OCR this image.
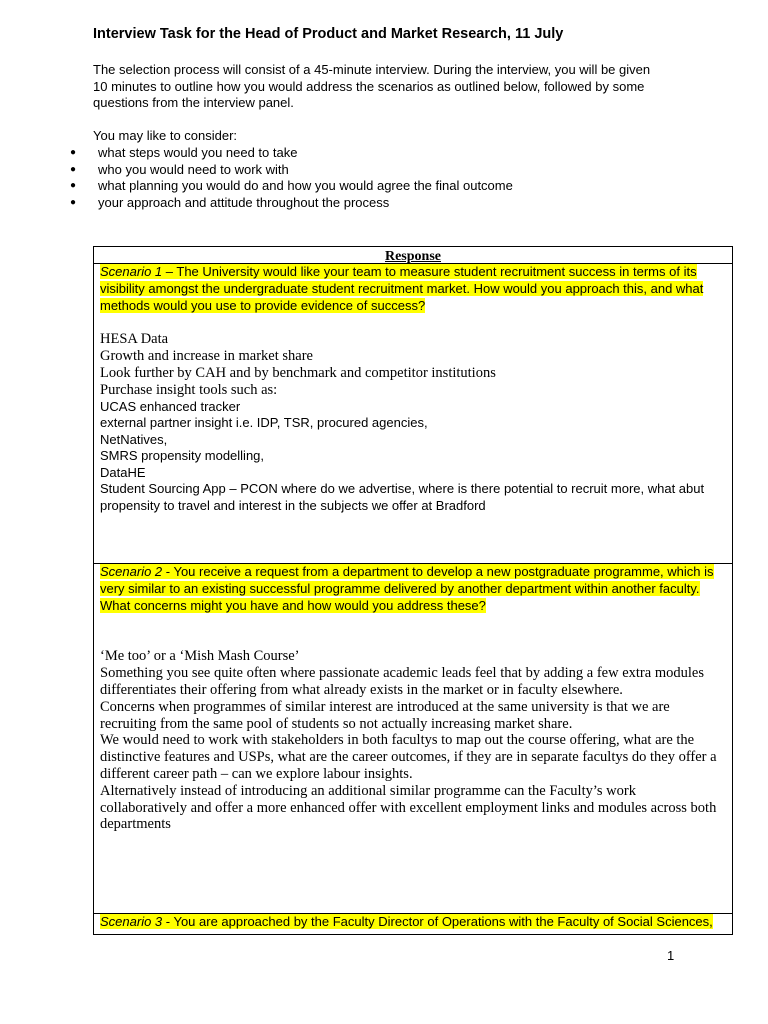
Interview Task for the Head of Product and Market Research, 11 July
The selection process will consist of a 45-minute interview. During the interview, you will be given 10 minutes to outline how you would address the scenarios as outlined below, followed by some questions from the interview panel.
You may like to consider:
● what steps would you need to take
● who you would need to work with
● what planning you would do and how you would agree the final outcome
● your approach and attitude throughout the process
Response
Scenario 1 – The University would like your team to measure student recruitment success in terms of its visibility amongst the undergraduate student recruitment market. How would you approach this, and what methods would you use to provide evidence of success?
HESA Data
Growth and increase in market share
Look further by CAH and by benchmark and competitor institutions
Purchase insight tools such as:
UCAS enhanced tracker
external partner insight i.e. IDP, TSR, procured agencies,
NetNatives,
SMRS propensity modelling,
DataHE
Student Sourcing App – PCON where do we advertise, where is there potential to recruit more, what abut propensity to travel and interest in the subjects we offer at Bradford
Scenario 2 - You receive a request from a department to develop a new postgraduate programme, which is very similar to an existing successful programme delivered by another department within another faculty. What concerns might you have and how would you address these?
‘Me too’ or a ‘Mish Mash Course’
Something you see quite often where passionate academic leads feel that by adding a few extra modules differentiates their offering from what already exists in the market or in faculty elsewhere.
Concerns when programmes of similar interest are introduced at the same university is that we are recruiting from the same pool of students so not actually increasing market share.
We would need to work with stakeholders in both facultys to map out the course offering, what are the distinctive features and USPs, what are the career outcomes, if they are in separate facultys do they offer a different career path – can we explore labour insights.
Alternatively instead of introducing an additional similar programme can the Faculty’s work collaboratively and offer a more enhanced offer with excellent employment links and modules across both departments
Scenario 3 - You are approached by the Faculty Director of Operations with the Faculty of Social Sciences,
1
